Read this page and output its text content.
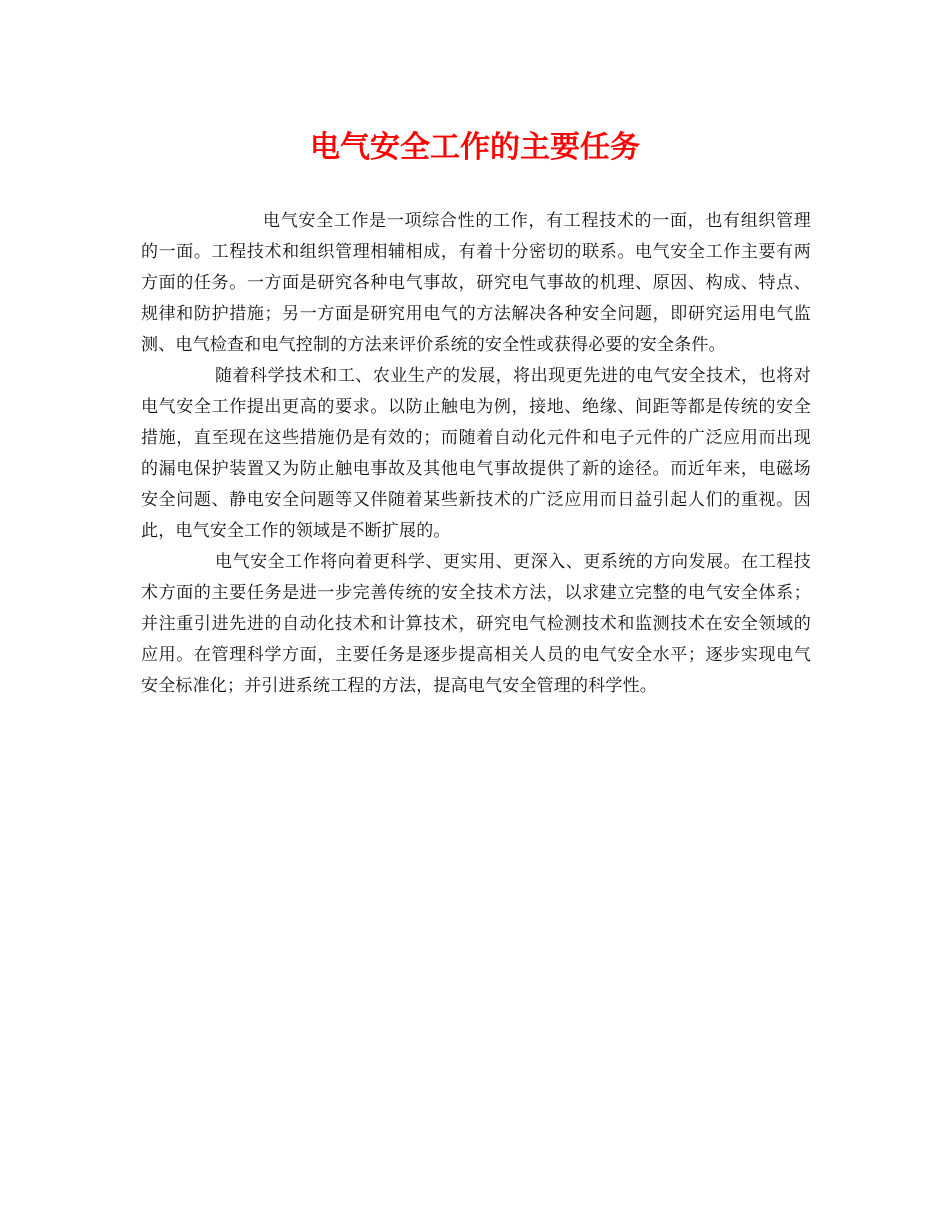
电气安全工作的主要任务

电气安全工作是一项综合性的工作，有工程技术的一面，也有组织管理的一面。工程技术和组织管理相辅相成，有着十分密切的联系。电气安全工作主要有两方面的任务。一方面是研究各种电气事故，研究电气事故的机理、原因、构成、特点、规律和防护措施；另一方面是研究用电气的方法解决各种安全问题，即研究运用电气监测、电气检查和电气控制的方法来评价系统的安全性或获得必要的安全条件。

随着科学技术和工、农业生产的发展，将出现更先进的电气安全技术，也将对电气安全工作提出更高的要求。以防止触电为例，接地、绝缘、间距等都是传统的安全措施，直至现在这些措施仍是有效的；而随着自动化元件和电子元件的广泛应用而出现的漏电保护装置又为防止触电事故及其他电气事故提供了新的途径。而近年来，电磁场安全问题、静电安全问题等又伴随着某些新技术的广泛应用而日益引起人们的重视。因此，电气安全工作的领域是不断扩展的。

电气安全工作将向着更科学、更实用、更深入、更系统的方向发展。在工程技术方面的主要任务是进一步完善传统的安全技术方法，以求建立完整的电气安全体系；并注重引进先进的自动化技术和计算技术，研究电气检测技术和监测技术在安全领域的应用。在管理科学方面，主要任务是逐步提高相关人员的电气安全水平；逐步实现电气安全标准化；并引进系统工程的方法，提高电气安全管理的科学性。
